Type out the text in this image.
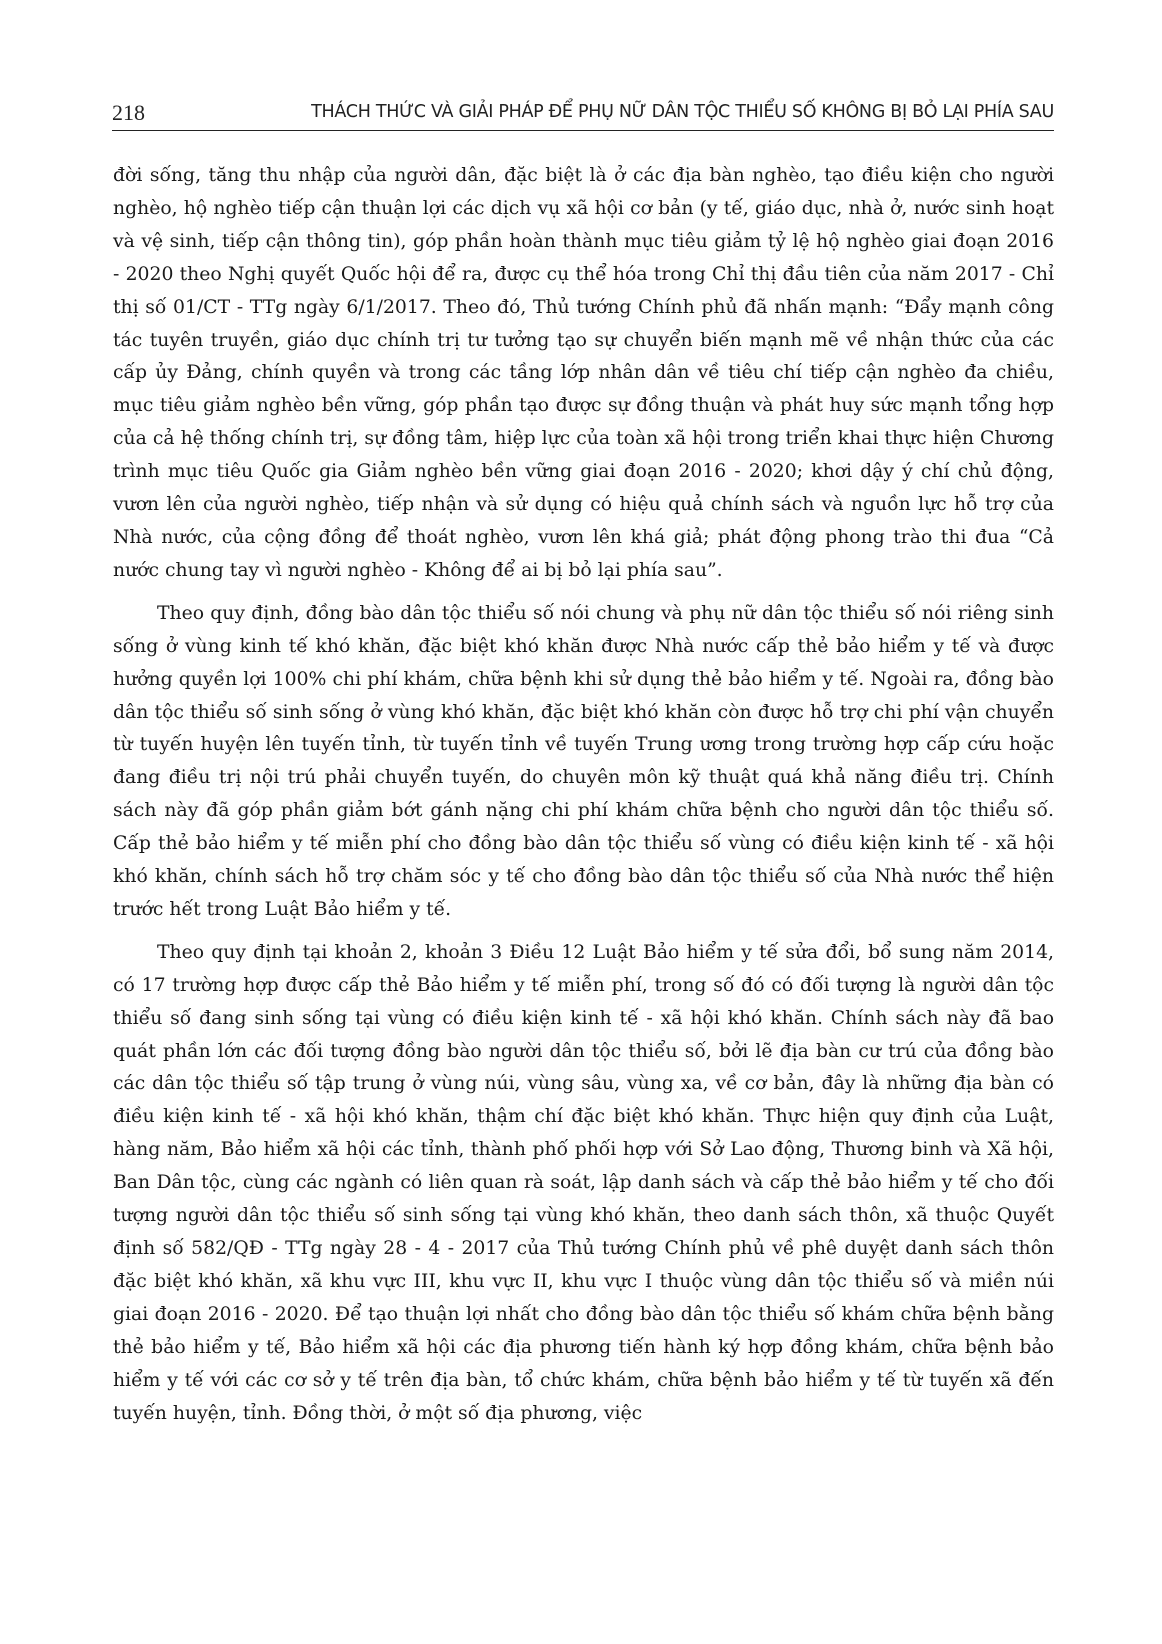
218	THÁCH THỨC VÀ GIẢI PHÁP ĐỂ PHỤ NỮ DÂN TỘC THIỂU SỐ KHÔNG BỊ BỎ LẠI PHÍA SAU

đời sống, tăng thu nhập của người dân, đặc biệt là ở các địa bàn nghèo, tạo điều kiện cho người nghèo, hộ nghèo tiếp cận thuận lợi các dịch vụ xã hội cơ bản (y tế, giáo dục, nhà ở, nước sinh hoạt và vệ sinh, tiếp cận thông tin), góp phần hoàn thành mục tiêu giảm tỷ lệ hộ nghèo giai đoạn 2016 - 2020 theo Nghị quyết Quốc hội để ra, được cụ thể hóa trong Chỉ thị đầu tiên của năm 2017 - Chỉ thị số 01/CT - TTg ngày 6/1/2017. Theo đó, Thủ tướng Chính phủ đã nhấn mạnh: “Đẩy mạnh công tác tuyên truyền, giáo dục chính trị tư tưởng tạo sự chuyển biến mạnh mẽ về nhận thức của các cấp ủy Đảng, chính quyền và trong các tầng lớp nhân dân về tiêu chí tiếp cận nghèo đa chiều, mục tiêu giảm nghèo bền vững, góp phần tạo được sự đồng thuận và phát huy sức mạnh tổng hợp của cả hệ thống chính trị, sự đồng tâm, hiệp lực của toàn xã hội trong triển khai thực hiện Chương trình mục tiêu Quốc gia Giảm nghèo bền vững giai đoạn 2016 - 2020; khơi dậy ý chí chủ động, vươn lên của người nghèo, tiếp nhận và sử dụng có hiệu quả chính sách và nguồn lực hỗ trợ của Nhà nước, của cộng đồng để thoát nghèo, vươn lên khá giả; phát động phong trào thi đua “Cả nước chung tay vì người nghèo - Không để ai bị bỏ lại phía sau”.

Theo quy định, đồng bào dân tộc thiểu số nói chung và phụ nữ dân tộc thiểu số nói riêng sinh sống ở vùng kinh tế khó khăn, đặc biệt khó khăn được Nhà nước cấp thẻ bảo hiểm y tế và được hưởng quyền lợi 100% chi phí khám, chữa bệnh khi sử dụng thẻ bảo hiểm y tế. Ngoài ra, đồng bào dân tộc thiểu số sinh sống ở vùng khó khăn, đặc biệt khó khăn còn được hỗ trợ chi phí vận chuyển từ tuyến huyện lên tuyến tỉnh, từ tuyến tỉnh về tuyến Trung ương trong trường hợp cấp cứu hoặc đang điều trị nội trú phải chuyển tuyến, do chuyên môn kỹ thuật quá khả năng điều trị. Chính sách này đã góp phần giảm bớt gánh nặng chi phí khám chữa bệnh cho người dân tộc thiểu số. Cấp thẻ bảo hiểm y tế miễn phí cho đồng bào dân tộc thiểu số vùng có điều kiện kinh tế - xã hội khó khăn, chính sách hỗ trợ chăm sóc y tế cho đồng bào dân tộc thiểu số của Nhà nước thể hiện trước hết trong Luật Bảo hiểm y tế.

Theo quy định tại khoản 2, khoản 3 Điều 12 Luật Bảo hiểm y tế sửa đổi, bổ sung năm 2014, có 17 trường hợp được cấp thẻ Bảo hiểm y tế miễn phí, trong số đó có đối tượng là người dân tộc thiểu số đang sinh sống tại vùng có điều kiện kinh tế - xã hội khó khăn. Chính sách này đã bao quát phần lớn các đối tượng đồng bào người dân tộc thiểu số, bởi lẽ địa bàn cư trú của đồng bào các dân tộc thiểu số tập trung ở vùng núi, vùng sâu, vùng xa, về cơ bản, đây là những địa bàn có điều kiện kinh tế - xã hội khó khăn, thậm chí đặc biệt khó khăn. Thực hiện quy định của Luật, hàng năm, Bảo hiểm xã hội các tỉnh, thành phố phối hợp với Sở Lao động, Thương binh và Xã hội, Ban Dân tộc, cùng các ngành có liên quan rà soát, lập danh sách và cấp thẻ bảo hiểm y tế cho đối tượng người dân tộc thiểu số sinh sống tại vùng khó khăn, theo danh sách thôn, xã thuộc Quyết định số 582/QĐ - TTg ngày 28 - 4 - 2017 của Thủ tướng Chính phủ về phê duyệt danh sách thôn đặc biệt khó khăn, xã khu vực III, khu vực II, khu vực I thuộc vùng dân tộc thiểu số và miền núi giai đoạn 2016 - 2020. Để tạo thuận lợi nhất cho đồng bào dân tộc thiểu số khám chữa bệnh bằng thẻ bảo hiểm y tế, Bảo hiểm xã hội các địa phương tiến hành ký hợp đồng khám, chữa bệnh bảo hiểm y tế với các cơ sở y tế trên địa bàn, tổ chức khám, chữa bệnh bảo hiểm y tế từ tuyến xã đến tuyến huyện, tỉnh. Đồng thời, ở một số địa phương, việc
